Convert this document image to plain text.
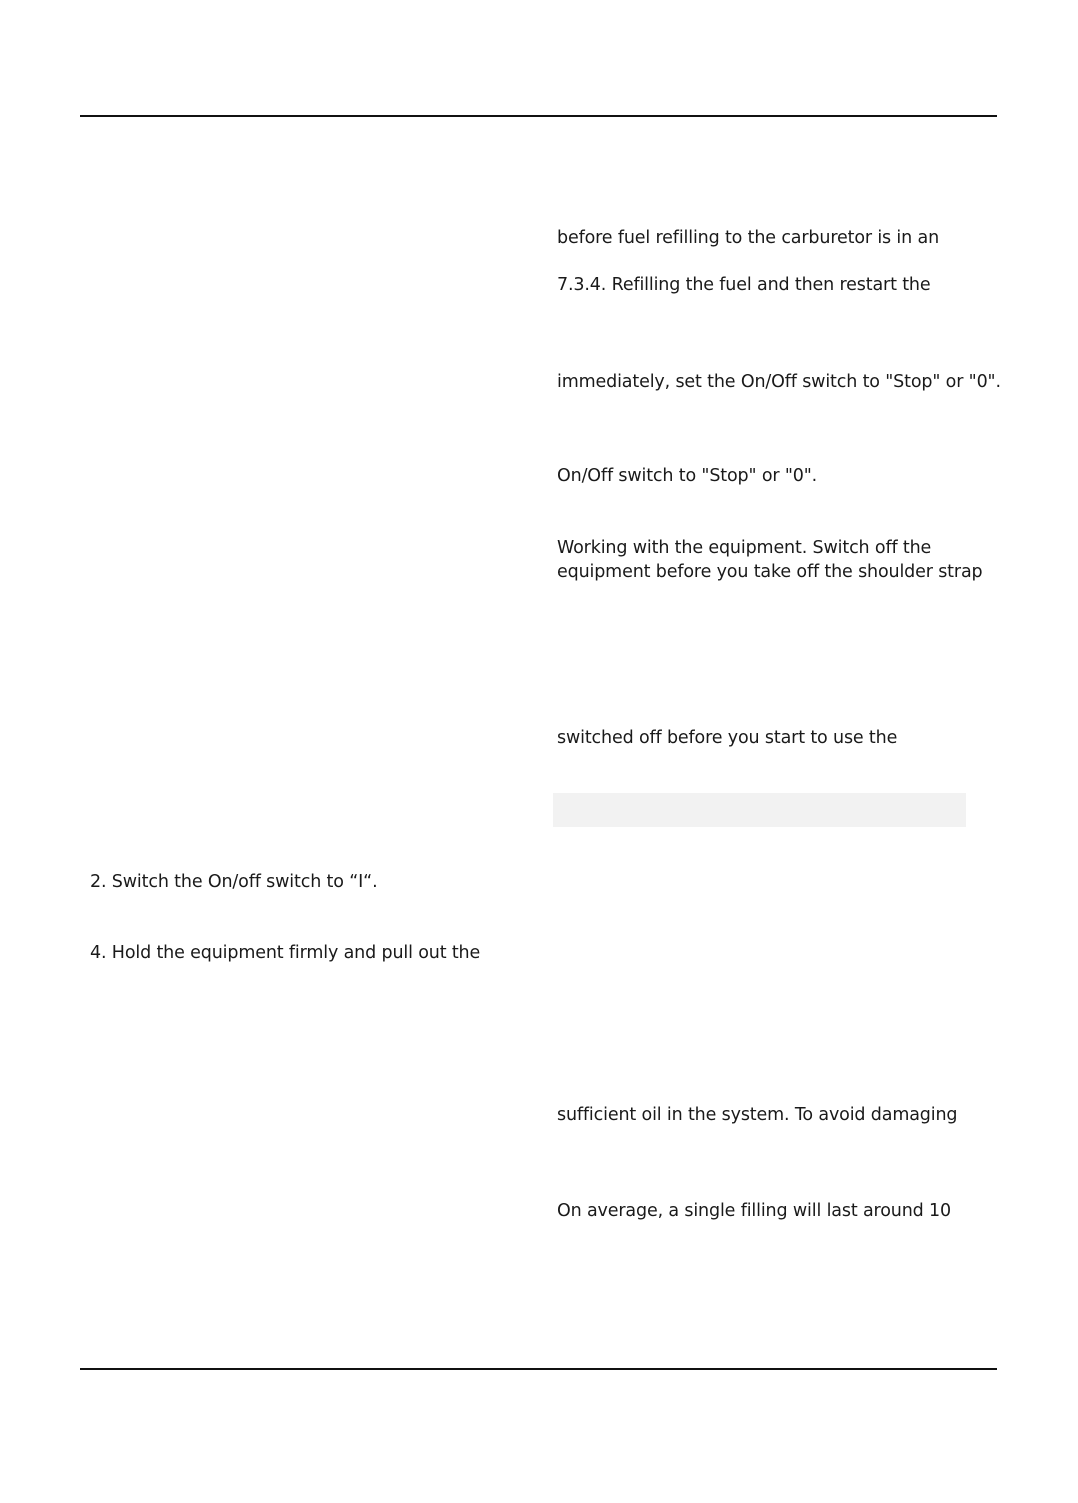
before fuel refilling to the carburetor is in an
7.3.4. Refilling the fuel and then restart the
immediately, set the On/Off switch to "Stop" or "0".
On/Off switch to "Stop" or "0".
Working with the equipment. Switch off the
equipment before you take off the shoulder strap
switched off before you start to use the
2. Switch the On/off switch to “I“.
4. Hold the equipment firmly and pull out the
sufficient oil in the system. To avoid damaging
On average, a single filling will last around 10
